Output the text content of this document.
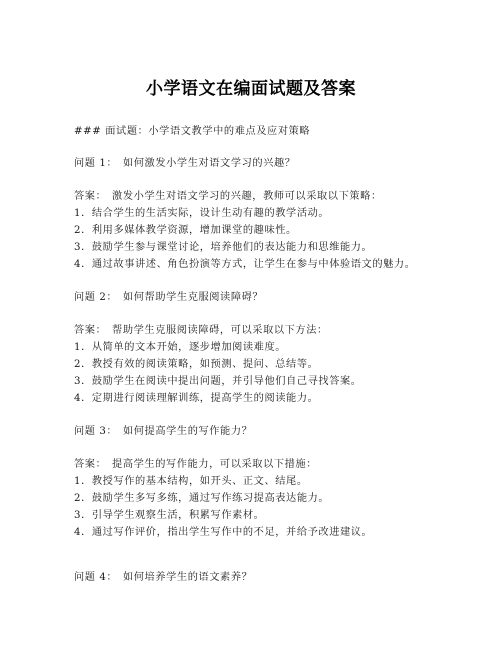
小学语文在编面试题及答案
### 面试题：小学语文教学中的难点及应对策略
问题 1：　如何激发小学生对语文学习的兴趣？
答案：　激发小学生对语文学习的兴趣，教师可以采取以下策略：
1．结合学生的生活实际，设计生动有趣的教学活动。
2．利用多媒体教学资源，增加课堂的趣味性。
3．鼓励学生参与课堂讨论，培养他们的表达能力和思维能力。
4．通过故事讲述、角色扮演等方式，让学生在参与中体验语文的魅力。
问题 2：　如何帮助学生克服阅读障碍？
答案：　帮助学生克服阅读障碍，可以采取以下方法：
1．从简单的文本开始，逐步增加阅读难度。
2．教授有效的阅读策略，如预测、提问、总结等。
3．鼓励学生在阅读中提出问题，并引导他们自己寻找答案。
4．定期进行阅读理解训练，提高学生的阅读能力。
问题 3：　如何提高学生的写作能力？
答案：　提高学生的写作能力，可以采取以下措施：
1．教授写作的基本结构，如开头、正文、结尾。
2．鼓励学生多写多练，通过写作练习提高表达能力。
3．引导学生观察生活，积累写作素材。
4．通过写作评价，指出学生写作中的不足，并给予改进建议。
问题 4：　如何培养学生的语文素养？
